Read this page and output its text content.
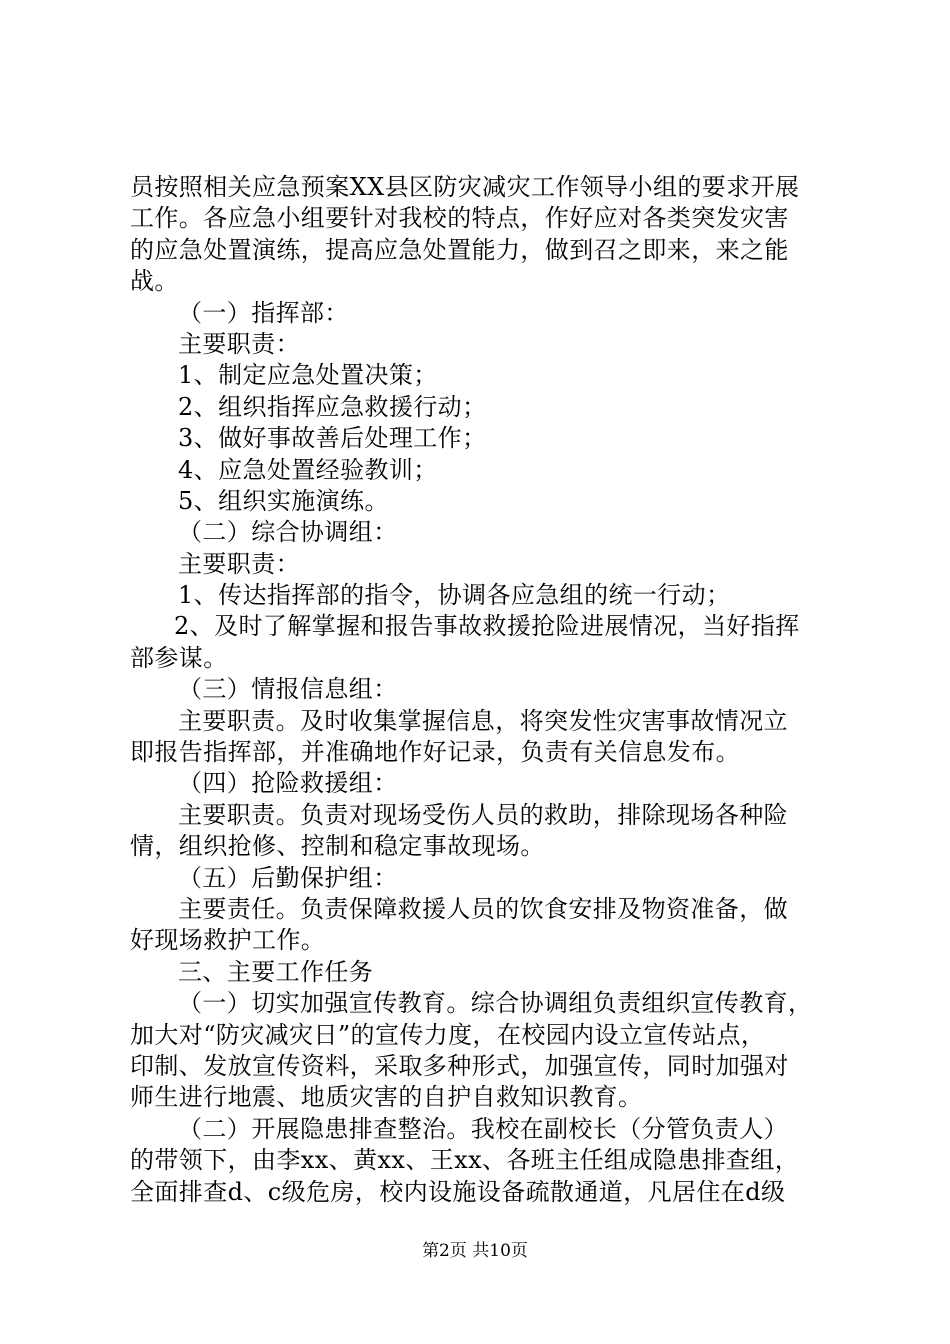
员按照相关应急预案XX县区防灾减灾工作领导小组的要求开展
工作。各应急小组要针对我校的特点，作好应对各类突发灾害
的应急处置演练，提高应急处置能力，做到召之即来，来之能
战。
（一）指挥部：
主要职责：
1、制定应急处置决策；
2、组织指挥应急救援行动；
3、做好事故善后处理工作；
4、应急处置经验教训；
5、组织实施演练。
（二）综合协调组：
主要职责：
1、传达指挥部的指令，协调各应急组的统一行动；
2、及时了解掌握和报告事故救援抢险进展情况，当好指挥
部参谋。
（三）情报信息组：
主要职责。及时收集掌握信息，将突发性灾害事故情况立
即报告指挥部，并准确地作好记录，负责有关信息发布。
（四）抢险救援组：
主要职责。负责对现场受伤人员的救助，排除现场各种险
情，组织抢修、控制和稳定事故现场。
（五）后勤保护组：
主要责任。负责保障救援人员的饮食安排及物资准备，做
好现场救护工作。
三、主要工作任务
（一）切实加强宣传教育。综合协调组负责组织宣传教育，
加大对“防灾减灾日”的宣传力度，在校园内设立宣传站点，
印制、发放宣传资料，采取多种形式，加强宣传，同时加强对
师生进行地震、地质灾害的自护自救知识教育。
（二）开展隐患排查整治。我校在副校长（分管负责人）
的带领下，由李xx、黄xx、王xx、各班主任组成隐患排查组，
全面排查d、c级危房，校内设施设备疏散通道，凡居住在d级
第2页 共10页
